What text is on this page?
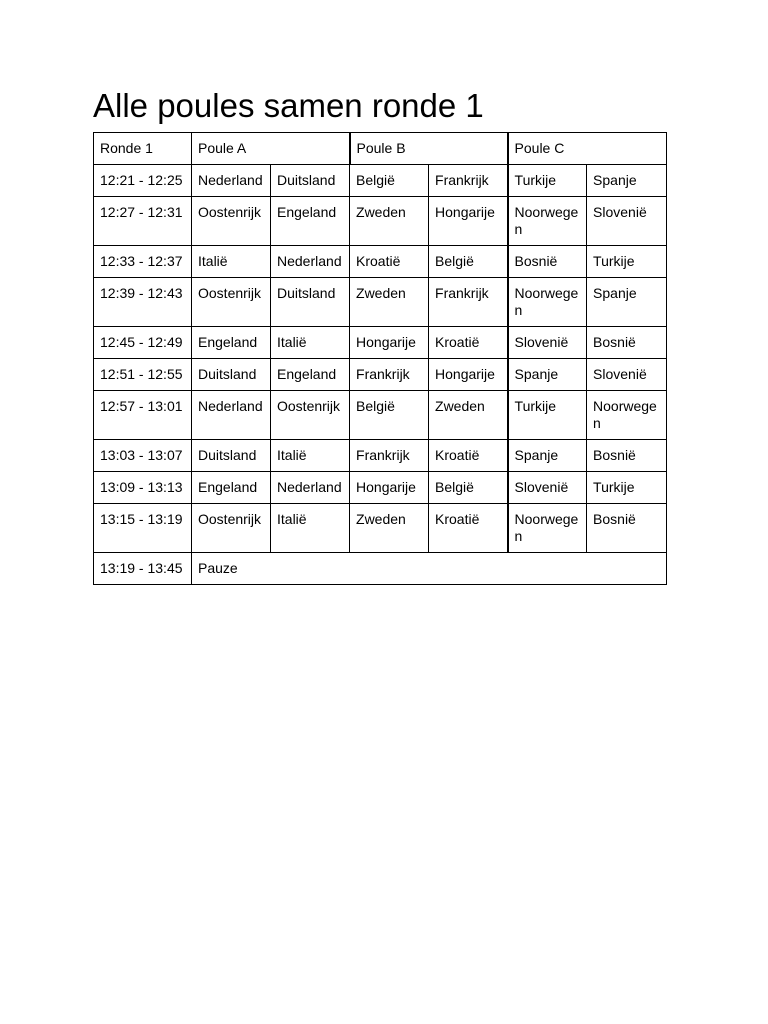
Alle poules samen ronde 1
Ronde 1	Poule A		Poule B		Poule C	
12:21 - 12:25	Nederland	Duitsland	België	Frankrijk	Turkije	Spanje
12:27 - 12:31	Oostenrijk	Engeland	Zweden	Hongarije	Noorwegen	Slovenië
12:33 - 12:37	Italië	Nederland	Kroatië	België	Bosnië	Turkije
12:39 - 12:43	Oostenrijk	Duitsland	Zweden	Frankrijk	Noorwegen	Spanje
12:45 - 12:49	Engeland	Italië	Hongarije	Kroatië	Slovenië	Bosnië
12:51 - 12:55	Duitsland	Engeland	Frankrijk	Hongarije	Spanje	Slovenië
12:57 - 13:01	Nederland	Oostenrijk	België	Zweden	Turkije	Noorwegen
13:03 - 13:07	Duitsland	Italië	Frankrijk	Kroatië	Spanje	Bosnië
13:09 - 13:13	Engeland	Nederland	Hongarije	België	Slovenië	Turkije
13:15 - 13:19	Oostenrijk	Italië	Zweden	Kroatië	Noorwegen	Bosnië
13:19 - 13:45	Pauze					
